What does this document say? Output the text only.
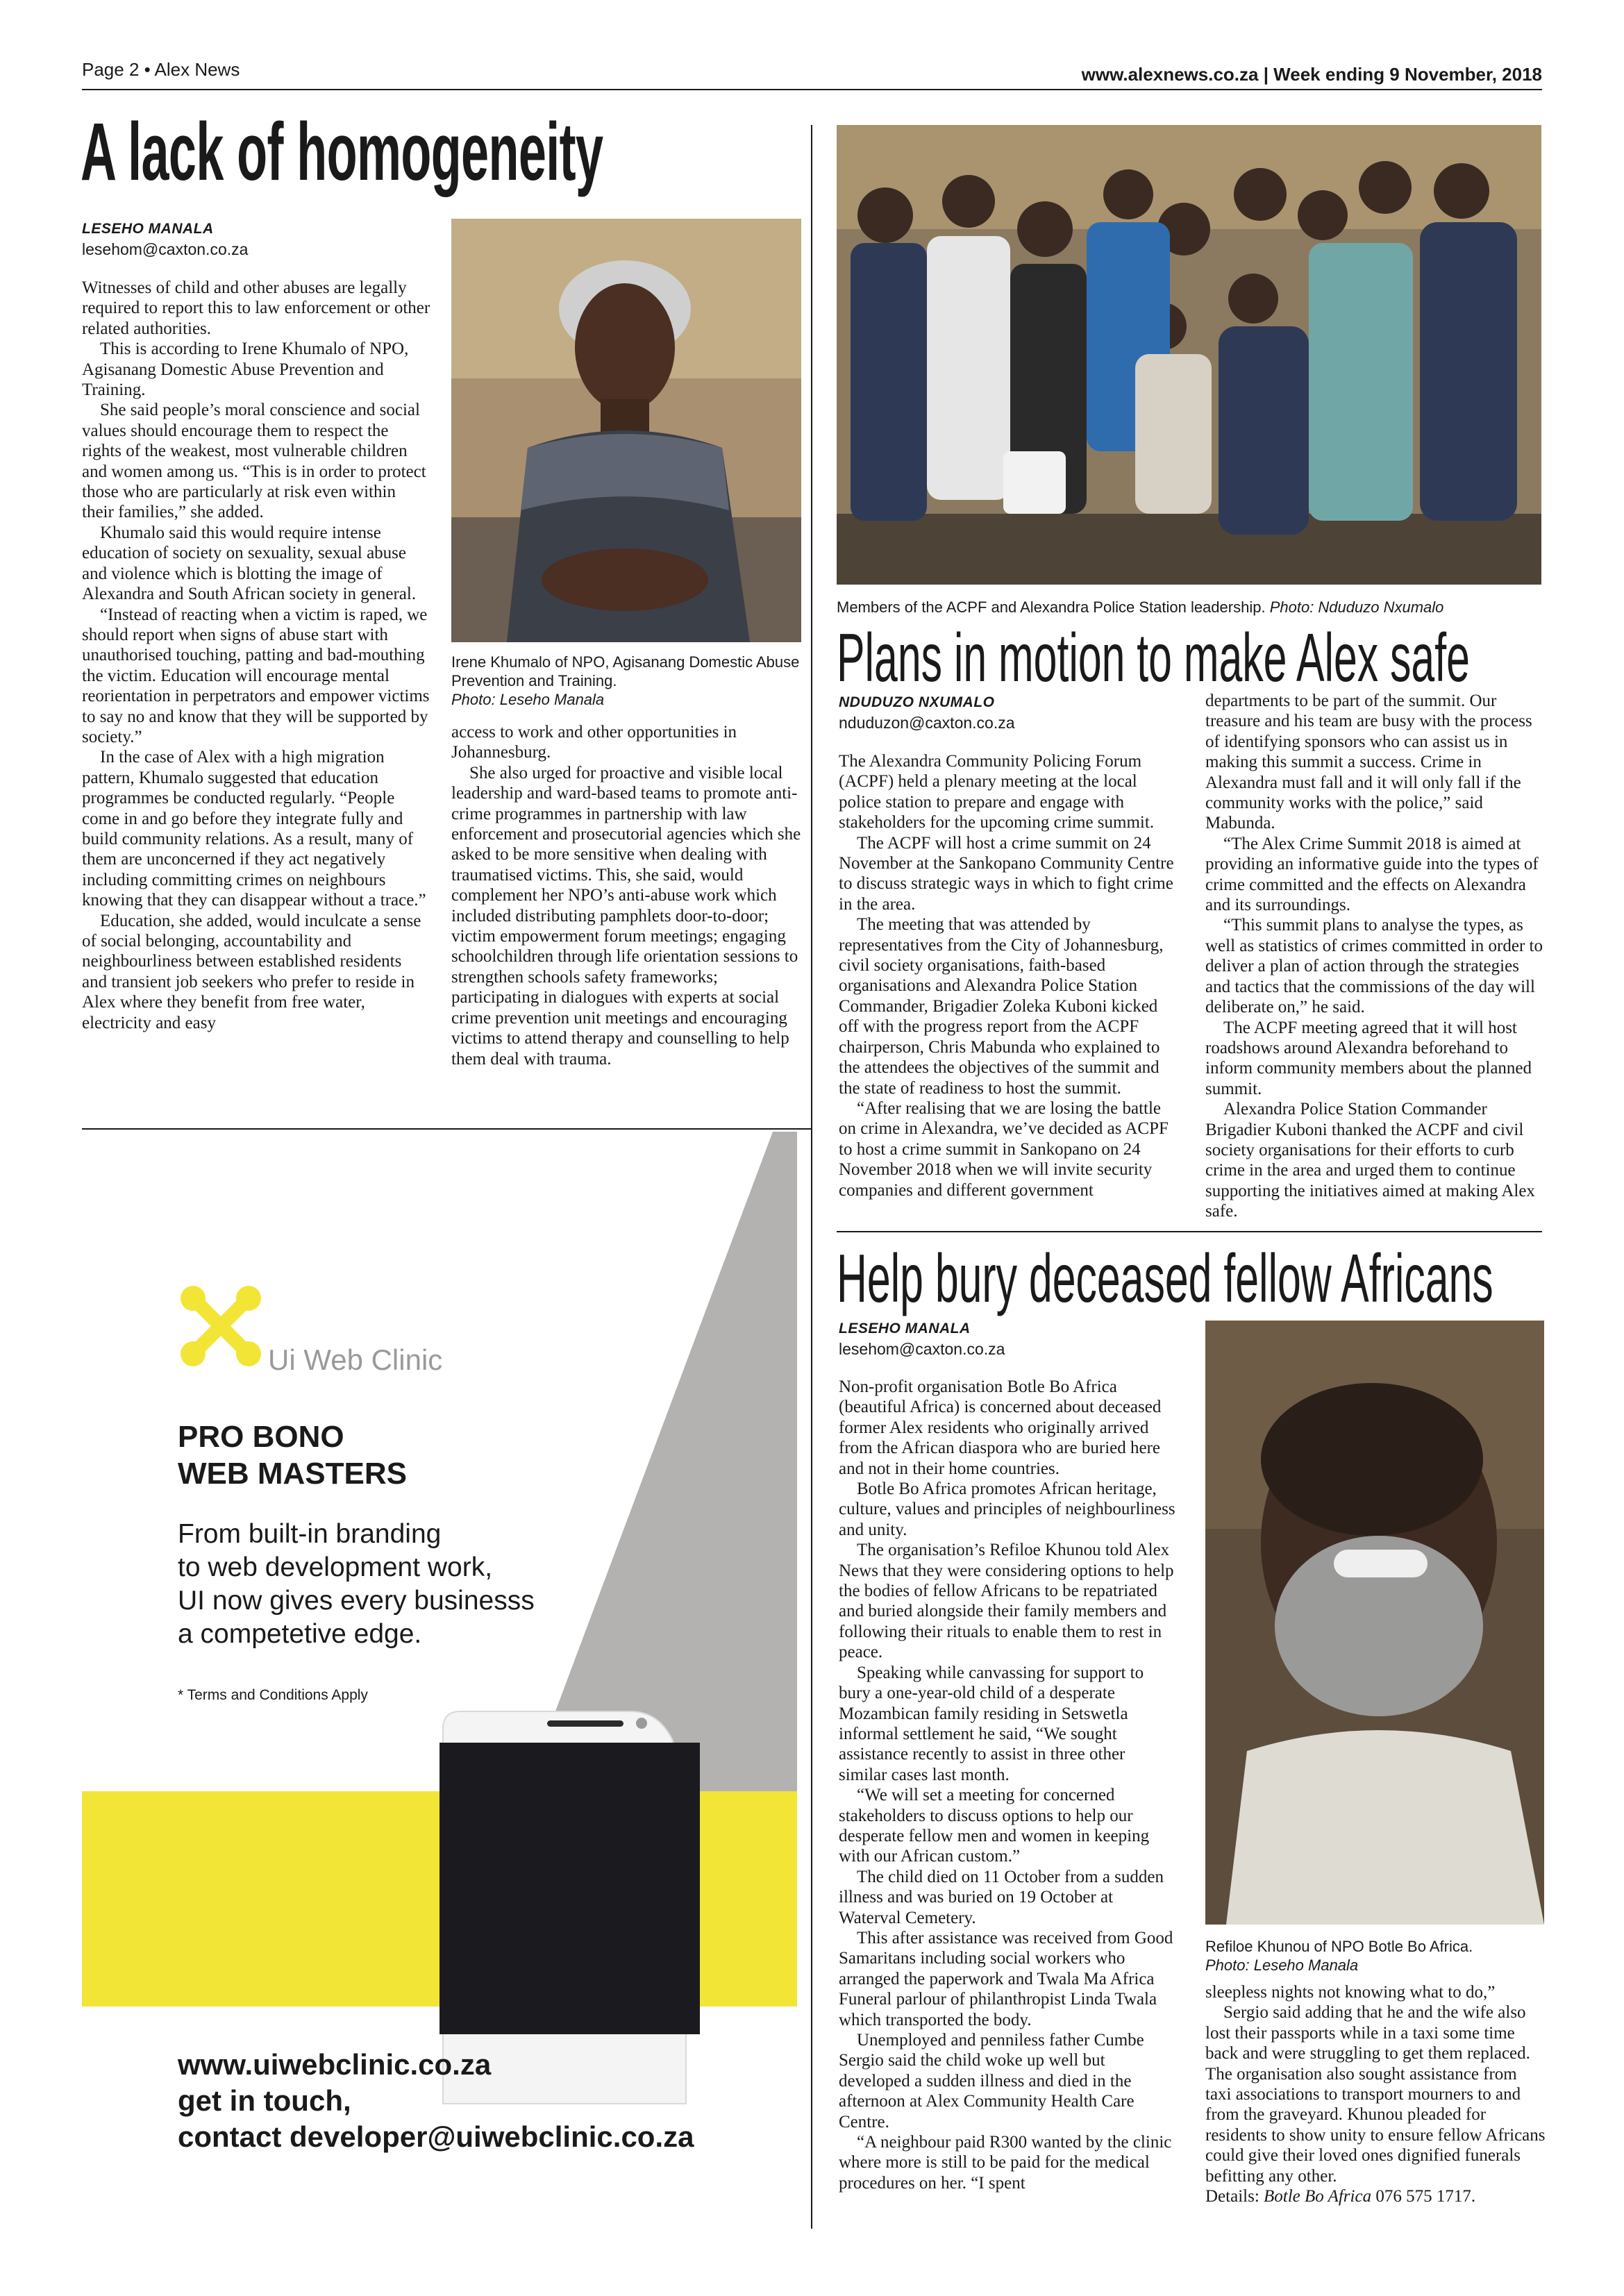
Page 2 • Alex News	www.alexnews.co.za | Week ending 9 November, 2018
A lack of homogeneity
LESEHO MANALA
lesehom@caxton.co.za

Witnesses of child and other abuses are legally required to report this to law enforcement or other related authorities.

This is according to Irene Khumalo of NPO, Agisanang Domestic Abuse Prevention and Training.

She said people’s moral conscience and social values should encourage them to respect the rights of the weakest, most vulnerable children and women among us. “This is in order to protect those who are particularly at risk even within their families,” she added.

Khumalo said this would require intense education of society on sexuality, sexual abuse and violence which is blotting the image of Alexandra and South African society in general.

“Instead of reacting when a victim is raped, we should report when signs of abuse start with unauthorised touching, patting and bad-mouthing the victim. Education will encourage mental reorientation in perpetrators and empower victims to say no and know that they will be supported by society.”

In the case of Alex with a high migration pattern, Khumalo suggested that education programmes be conducted regularly. “People come in and go before they integrate fully and build community relations. As a result, many of them are unconcerned if they act negatively including committing crimes on neighbours knowing that they can disappear without a trace.”

Education, she added, would inculcate a sense of social belonging, accountability and neighbourliness between established residents and transient job seekers who prefer to reside in Alex where they benefit from free water, electricity and easy

Irene Khumalo of NPO, Agisanang Domestic Abuse Prevention and Training.
Photo: Leseho Manala

access to work and other opportunities in Johannesburg.

She also urged for proactive and visible local leadership and ward-based teams to promote anti-crime programmes in partnership with law enforcement and prosecutorial agencies which she asked to be more sensitive when dealing with traumatised victims. This, she said, would complement her NPO’s anti-abuse work which included distributing pamphlets door-to-door; victim empowerment forum meetings; engaging schoolchildren through life orientation sessions to strengthen schools safety frameworks; participating in dialogues with experts at social crime prevention unit meetings and encouraging victims to attend therapy and counselling to help them deal with trauma.

Ui Web Clinic
PRO BONO
WEB MASTERS
From built-in branding
to web development work,
UI now gives every businesss
a competetive edge.
* Terms and Conditions Apply
www.uiwebclinic.co.za
get in touch,
contact developer@uiwebclinic.co.za
Members of the ACPF and Alexandra Police Station leadership. Photo: Nduduzo Nxumalo
Plans in motion to make Alex safe
NDUDUZO NXUMALO
nduduzon@caxton.co.za

The Alexandra Community Policing Forum (ACPF) held a plenary meeting at the local police station to prepare and engage with stakeholders for the upcoming crime summit.

The ACPF will host a crime summit on 24 November at the Sankopano Community Centre to discuss strategic ways in which to fight crime in the area.

The meeting that was attended by representatives from the City of Johannesburg, civil society organisations, faith-based organisations and Alexandra Police Station Commander, Brigadier Zoleka Kuboni kicked off with the progress report from the ACPF chairperson, Chris Mabunda who explained to the attendees the objectives of the summit and the state of readiness to host the summit.

“After realising that we are losing the battle on crime in Alexandra, we’ve decided as ACPF to host a crime summit in Sankopano on 24 November 2018 when we will invite security companies and different government

departments to be part of the summit. Our treasure and his team are busy with the process of identifying sponsors who can assist us in making this summit a success. Crime in Alexandra must fall and it will only fall if the community works with the police,” said Mabunda.

“The Alex Crime Summit 2018 is aimed at providing an informative guide into the types of crime committed and the effects on Alexandra and its surroundings.

“This summit plans to analyse the types, as well as statistics of crimes committed in order to deliver a plan of action through the strategies and tactics that the commissions of the day will deliberate on,” he said.

The ACPF meeting agreed that it will host roadshows around Alexandra beforehand to inform community members about the planned summit.

Alexandra Police Station Commander Brigadier Kuboni thanked the ACPF and civil society organisations for their efforts to curb crime in the area and urged them to continue supporting the initiatives aimed at making Alex safe.

Help bury deceased fellow Africans
LESEHO MANALA
lesehom@caxton.co.za

Non-profit organisation Botle Bo Africa (beautiful Africa) is concerned about deceased former Alex residents who originally arrived from the African diaspora who are buried here and not in their home countries.

Botle Bo Africa promotes African heritage, culture, values and principles of neighbourliness and unity.

The organisation’s Refiloe Khunou told Alex News that they were considering options to help the bodies of fellow Africans to be repatriated and buried alongside their family members and following their rituals to enable them to rest in peace.

Speaking while canvassing for support to bury a one-year-old child of a desperate Mozambican family residing in Setswetla informal settlement he said, “We sought assistance recently to assist in three other similar cases last month.

“We will set a meeting for concerned stakeholders to discuss options to help our desperate fellow men and women in keeping with our African custom.”

The child died on 11 October from a sudden illness and was buried on 19 October at Waterval Cemetery.

This after assistance was received from Good Samaritans including social workers who arranged the paperwork and Twala Ma Africa Funeral parlour of philanthropist Linda Twala which transported the body.

Unemployed and penniless father Cumbe Sergio said the child woke up well but developed a sudden illness and died in the afternoon at Alex Community Health Care Centre.

“A neighbour paid R300 wanted by the clinic where more is still to be paid for the medical procedures on her. “I spent

Refiloe Khunou of NPO Botle Bo Africa.
Photo: Leseho Manala

sleepless nights not knowing what to do,”

Sergio said adding that he and the wife also lost their passports while in a taxi some time back and were struggling to get them replaced. The organisation also sought assistance from taxi associations to transport mourners to and from the graveyard. Khunou pleaded for residents to show unity to ensure fellow Africans could give their loved ones dignified funerals befitting any other.

Details: Botle Bo Africa 076 575 1717.
